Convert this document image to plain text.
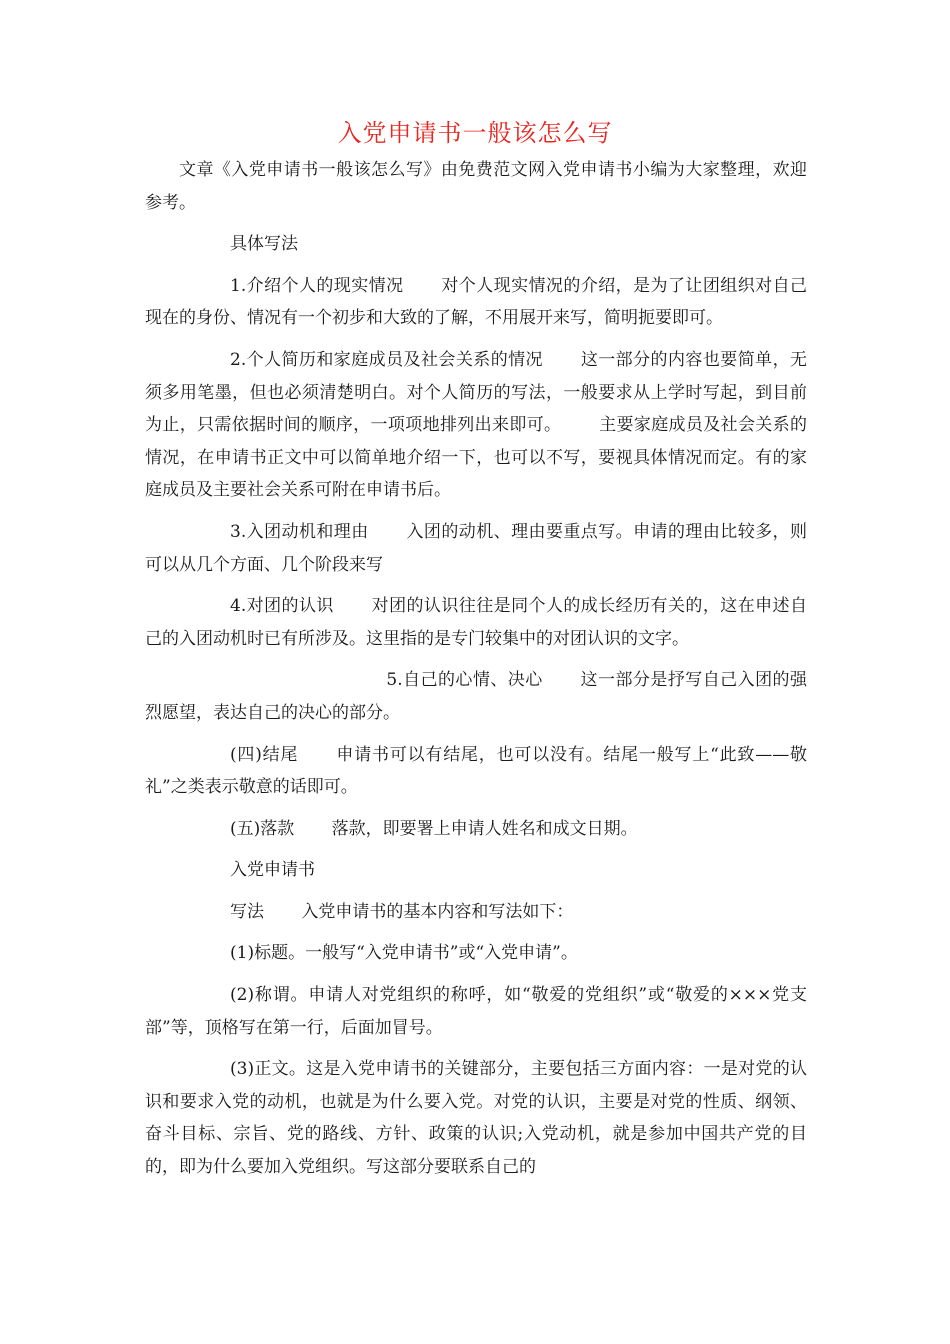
入党申请书一般该怎么写

文章《入党申请书一般该怎么写》由免费范文网入党申请书小编为大家整理，欢迎参考。

具体写法

1.介绍个人的现实情况 对个人现实情况的介绍，是为了让团组织对自己现在的身份、情况有一个初步和大致的了解，不用展开来写，简明扼要即可。

2.个人简历和家庭成员及社会关系的情况 这一部分的内容也要简单，无须多用笔墨，但也必须清楚明白。对个人简历的写法，一般要求从上学时写起，到目前为止，只需依据时间的顺序，一项项地排列出来即可。 主要家庭成员及社会关系的情况，在申请书正文中可以简单地介绍一下，也可以不写，要视具体情况而定。有的家庭成员及主要社会关系可附在申请书后。

3.入团动机和理由 入团的动机、理由要重点写。申请的理由比较多，则可以从几个方面、几个阶段来写

4.对团的认识 对团的认识往往是同个人的成长经历有关的，这在申述自己的入团动机时已有所涉及。这里指的是专门较集中的对团认识的文字。

5.自己的心情、决心 这一部分是抒写自己入团的强烈愿望，表达自己的决心的部分。

(四)结尾 申请书可以有结尾，也可以没有。结尾一般写上“此致——敬礼”之类表示敬意的话即可。

(五)落款 落款，即要署上申请人姓名和成文日期。

入党申请书

写法 入党申请书的基本内容和写法如下：

(1)标题。一般写“入党申请书”或“入党申请”。

(2)称谓。申请人对党组织的称呼，如“敬爱的党组织”或“敬爱的×××党支部”等，顶格写在第一行，后面加冒号。

(3)正文。这是入党申请书的关键部分，主要包括三方面内容：一是对党的认识和要求入党的动机，也就是为什么要入党。对党的认识，主要是对党的性质、纲领、奋斗目标、宗旨、党的路线、方针、政策的认识;入党动机，就是参加中国共产党的目的，即为什么要加入党组织。写这部分要联系自己的
